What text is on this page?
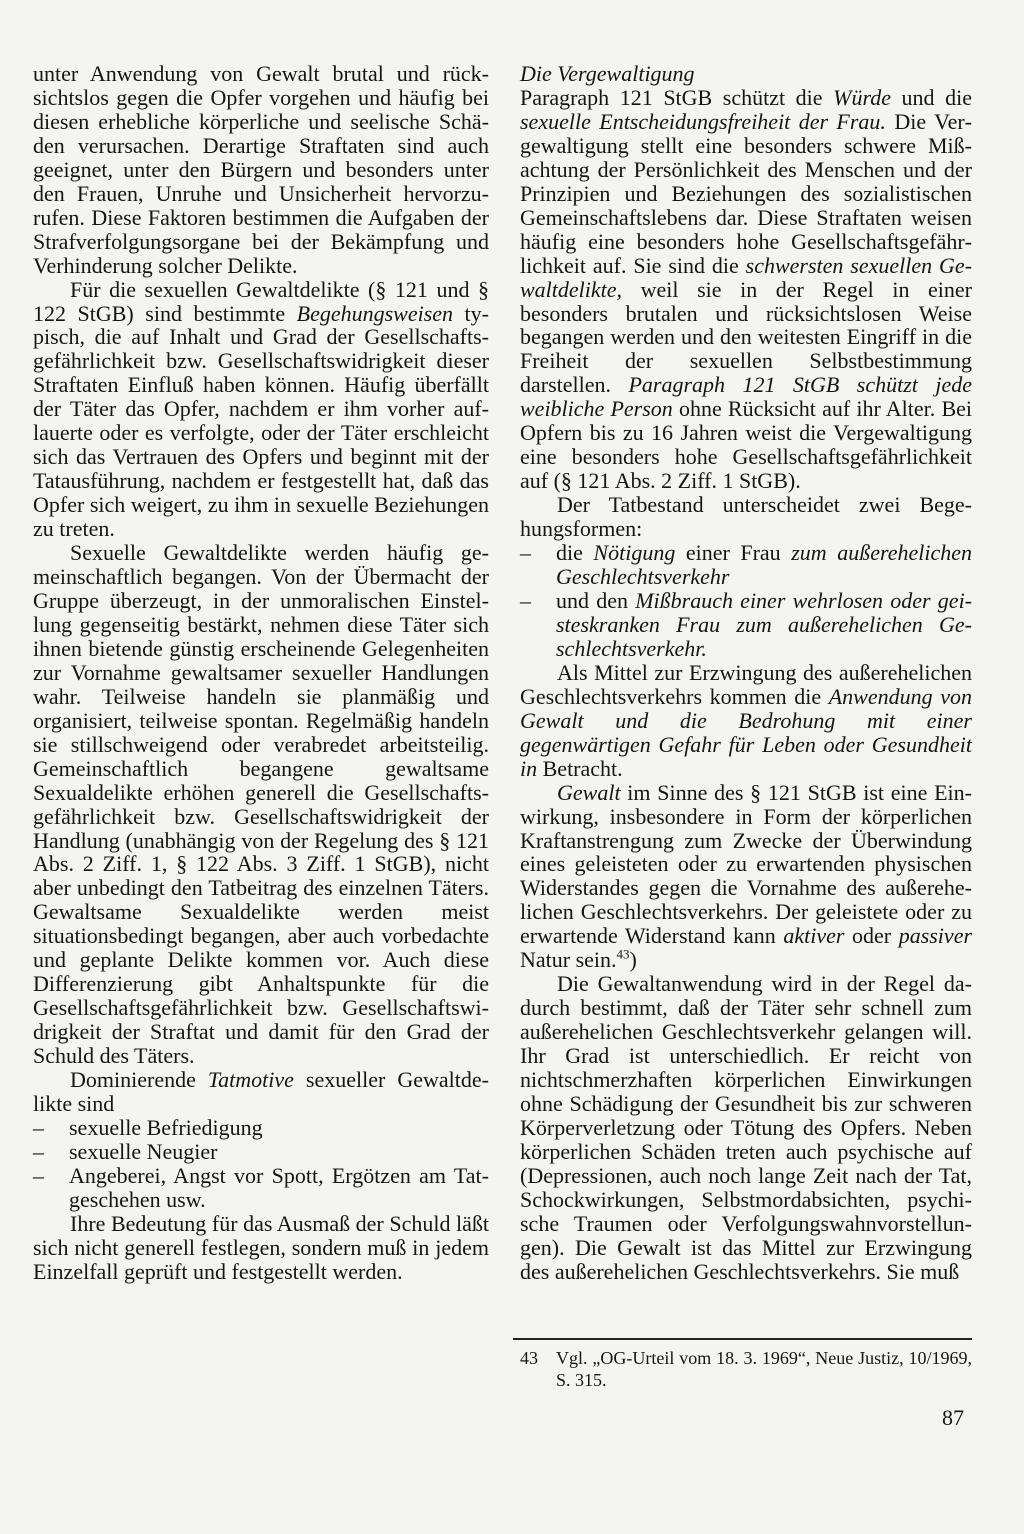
unter Anwendung von Gewalt brutal und rücksichtslos gegen die Opfer vorgehen und häufig bei diesen erhebliche körperliche und seelische Schäden verursachen. Derartige Straftaten sind auch geeignet, unter den Bürgern und besonders unter den Frauen, Unruhe und Unsicherheit hervorzurufen. Diese Faktoren bestimmen die Aufgaben der Strafverfolgungsorgane bei der Bekämpfung und Verhinderung solcher Delikte.

Für die sexuellen Gewaltdelikte (§ 121 und § 122 StGB) sind bestimmte Begehungsweisen typisch, die auf Inhalt und Grad der Gesellschaftsgefährlichkeit bzw. Gesellschaftswidrigkeit dieser Straftaten Einfluß haben können. Häufig überfällt der Täter das Opfer, nachdem er ihm vorher auflauerte oder es verfolgte, oder der Täter erschleicht sich das Vertrauen des Opfers und beginnt mit der Tatausführung, nachdem er festgestellt hat, daß das Opfer sich weigert, zu ihm in sexuelle Beziehungen zu treten.

Sexuelle Gewaltdelikte werden häufig gemeinschaftlich begangen. Von der Übermacht der Gruppe überzeugt, in der unmoralischen Einstellung gegenseitig bestärkt, nehmen diese Täter sich ihnen bietende günstig erscheinende Gelegenheiten zur Vornahme gewaltsamer sexueller Handlungen wahr. Teilweise handeln sie planmäßig und organisiert, teilweise spontan. Regelmäßig handeln sie stillschweigend oder verabredet arbeitsteilig. Gemeinschaftlich begangene gewaltsame Sexualdelikte erhöhen generell die Gesellschaftsgefährlichkeit bzw. Gesellschaftswidrigkeit der Handlung (unabhängig von der Regelung des § 121 Abs. 2 Ziff. 1, § 122 Abs. 3 Ziff. 1 StGB), nicht aber unbedingt den Tatbeitrag des einzelnen Täters. Gewaltsame Sexualdelikte werden meist situationsbedingt begangen, aber auch vorbedachte und geplante Delikte kommen vor. Auch diese Differenzierung gibt Anhaltspunkte für die Gesellschaftsgefährlichkeit bzw. Gesellschaftswidrigkeit der Straftat und damit für den Grad der Schuld des Täters.

Dominierende Tatmotive sexueller Gewaltdelikte sind

– sexuelle Befriedigung
– sexuelle Neugier
– Angeberei, Angst vor Spott, Ergötzen am Tatgeschehen usw.

Ihre Bedeutung für das Ausmaß der Schuld läßt sich nicht generell festlegen, sondern muß in jedem Einzelfall geprüft und festgestellt werden.

Die Vergewaltigung

Paragraph 121 StGB schützt die Würde und die sexuelle Entscheidungsfreiheit der Frau. Die Vergewaltigung stellt eine besonders schwere Mißachtung der Persönlichkeit des Menschen und der Prinzipien und Beziehungen des sozialistischen Gemeinschaftslebens dar. Diese Straftaten weisen häufig eine besonders hohe Gesellschaftsgefährlichkeit auf. Sie sind die schwersten sexuellen Gewaltdelikte, weil sie in der Regel in einer besonders brutalen und rücksichtslosen Weise begangen werden und den weitesten Eingriff in die Freiheit der sexuellen Selbstbestimmung darstellen. Paragraph 121 StGB schützt jede weibliche Person ohne Rücksicht auf ihr Alter. Bei Opfern bis zu 16 Jahren weist die Vergewaltigung eine besonders hohe Gesellschaftsgefährlichkeit auf (§ 121 Abs. 2 Ziff. 1 StGB).

Der Tatbestand unterscheidet zwei Begehungsformen:

– die Nötigung einer Frau zum außerehelichen Geschlechtsverkehr
– und den Mißbrauch einer wehrlosen oder geisteskranken Frau zum außerehelichen Geschlechtsverkehr.

Als Mittel zur Erzwingung des außerehelichen Geschlechtsverkehrs kommen die Anwendung von Gewalt und die Bedrohung mit einer gegenwärtigen Gefahr für Leben oder Gesundheit in Betracht.

Gewalt im Sinne des § 121 StGB ist eine Einwirkung, insbesondere in Form der körperlichen Kraftanstrengung zum Zwecke der Überwindung eines geleisteten oder zu erwartenden physischen Widerstandes gegen die Vornahme des außerehelichen Geschlechtsverkehrs. Der geleistete oder zu erwartende Widerstand kann aktiver oder passiver Natur sein.$^{43}$)

Die Gewaltanwendung wird in der Regel dadurch bestimmt, daß der Täter sehr schnell zum außerehelichen Geschlechtsverkehr gelangen will. Ihr Grad ist unterschiedlich. Er reicht von nichtschmerzhaften körperlichen Einwirkungen ohne Schädigung der Gesundheit bis zur schweren Körperverletzung oder Tötung des Opfers. Neben körperlichen Schäden treten auch psychische auf (Depressionen, auch noch lange Zeit nach der Tat, Schockwirkungen, Selbstmordabsichten, psychische Traumen oder Verfolgungswahnvorstellungen). Die Gewalt ist das Mittel zur Erzwingung des außerehelichen Geschlechtsverkehrs. Sie muß

43	Vgl. „OG-Urteil vom 18. 3. 1969“, Neue Justiz, 10/1969, S. 315.
87
